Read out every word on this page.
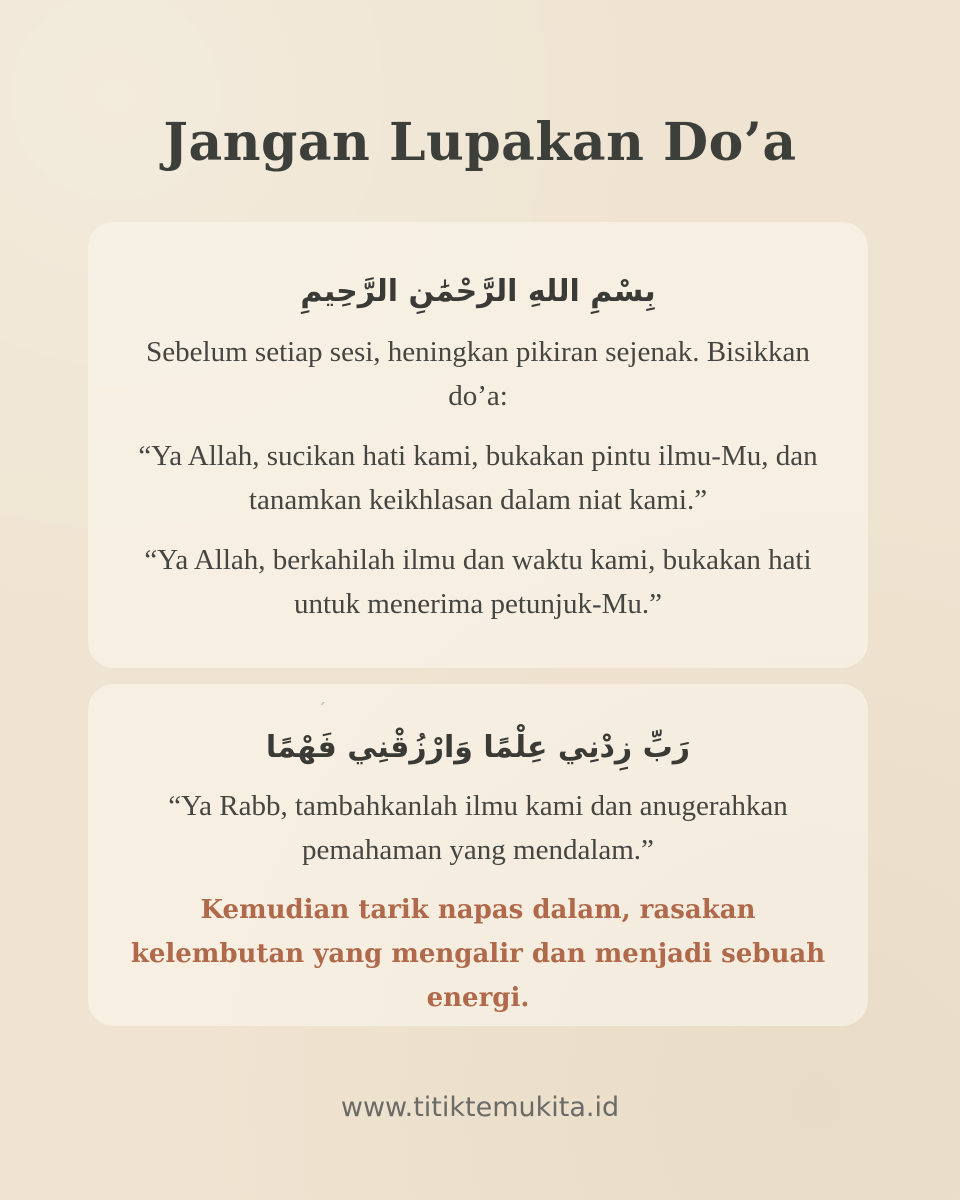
Jangan Lupakan Do’a

بِسْمِ اللهِ الرَّحْمَٰنِ الرَّحِيمِ

Sebelum setiap sesi, heningkan pikiran sejenak. Bisikkan do’a:

“Ya Allah, sucikan hati kami, bukakan pintu ilmu-Mu, dan tanamkan keikhlasan dalam niat kami.”

“Ya Allah, berkahilah ilmu dan waktu kami, bukakan hati untuk menerima petunjuk-Mu.”

رَبِّ زِدْنِي عِلْمًا وَارْزُقْنِي فَهْمًا

“Ya Rabb, tambahkanlah ilmu kami dan anugerahkan pemahaman yang mendalam.”

Kemudian tarik napas dalam, rasakan kelembutan yang mengalir dan menjadi sebuah energi.

www.titiktemukita.id
